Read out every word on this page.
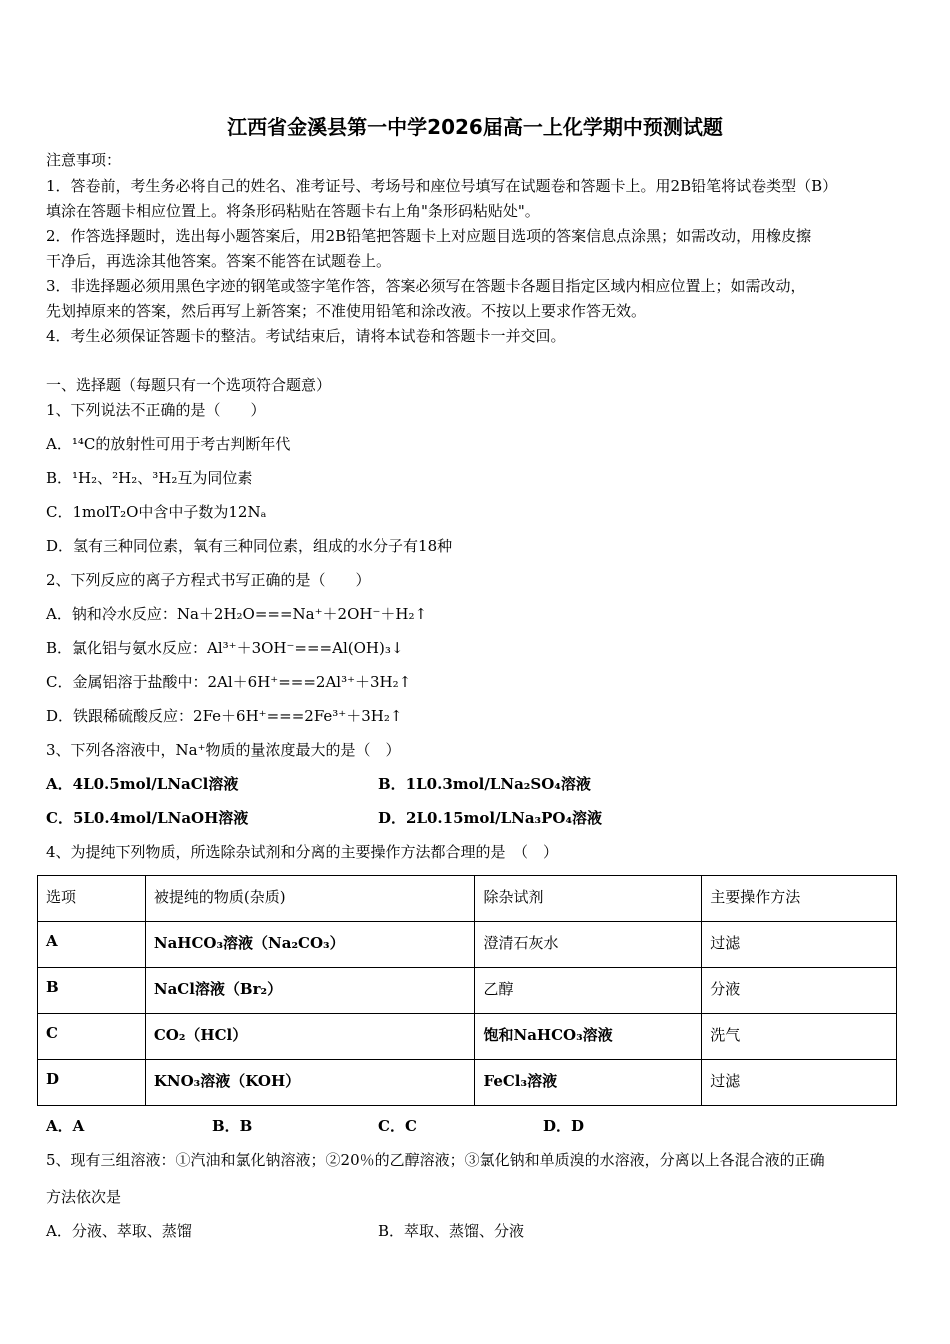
江西省金溪县第一中学2026届高一上化学期中预测试题
注意事项：
1．答卷前，考生务必将自己的姓名、准考证号、考场号和座位号填写在试题卷和答题卡上。用2B铅笔将试卷类型（B）
填涂在答题卡相应位置上。将条形码粘贴在答题卡右上角"条形码粘贴处"。
2．作答选择题时，选出每小题答案后，用2B铅笔把答题卡上对应题目选项的答案信息点涂黑；如需改动，用橡皮擦
干净后，再选涂其他答案。答案不能答在试题卷上。
3．非选择题必须用黑色字迹的钢笔或签字笔作答，答案必须写在答题卡各题目指定区域内相应位置上；如需改动，
先划掉原来的答案，然后再写上新答案；不准使用铅笔和涂改液。不按以上要求作答无效。
4．考生必须保证答题卡的整洁。考试结束后，请将本试卷和答题卡一并交回。
一、选择题（每题只有一个选项符合题意）
1、下列说法不正确的是（　　）
A．¹⁴C的放射性可用于考古判断年代
B．¹H₂、²H₂、³H₂互为同位素
C．1molT₂O中含中子数为12Nₐ
D．氢有三种同位素，氧有三种同位素，组成的水分子有18种
2、下列反应的离子方程式书写正确的是（　　）
A．钠和冷水反应：Na＋2H₂O===Na⁺＋2OH⁻＋H₂↑
B．氯化铝与氨水反应：Al³⁺＋3OH⁻===Al(OH)₃↓
C．金属铝溶于盐酸中：2Al＋6H⁺===2Al³⁺＋3H₂↑
D．铁跟稀硫酸反应：2Fe＋6H⁺===2Fe³⁺＋3H₂↑
3、下列各溶液中，Na⁺物质的量浓度最大的是（　）
A．4L0.5mol/LNaCl溶液	B．1L0.3mol/LNa₂SO₄溶液
C．5L0.4mol/LNaOH溶液	D．2L0.15mol/LNa₃PO₄溶液
4、为提纯下列物质，所选除杂试剂和分离的主要操作方法都合理的是　（　）
选项	被提纯的物质(杂质)	除杂试剂	主要操作方法
A	NaHCO₃溶液（Na₂CO₃）	澄清石灰水	过滤
B	NaCl溶液（Br₂）	乙醇	分液
C	CO₂（HCl）	饱和NaHCO₃溶液	洗气
D	KNO₃溶液（KOH）	FeCl₃溶液	过滤
A．A	B．B	C．C	D．D
5、现有三组溶液：①汽油和氯化钠溶液；②20％的乙醇溶液；③氯化钠和单质溴的水溶液，分离以上各混合液的正确
方法依次是
A．分液、萃取、蒸馏	B．萃取、蒸馏、分液
